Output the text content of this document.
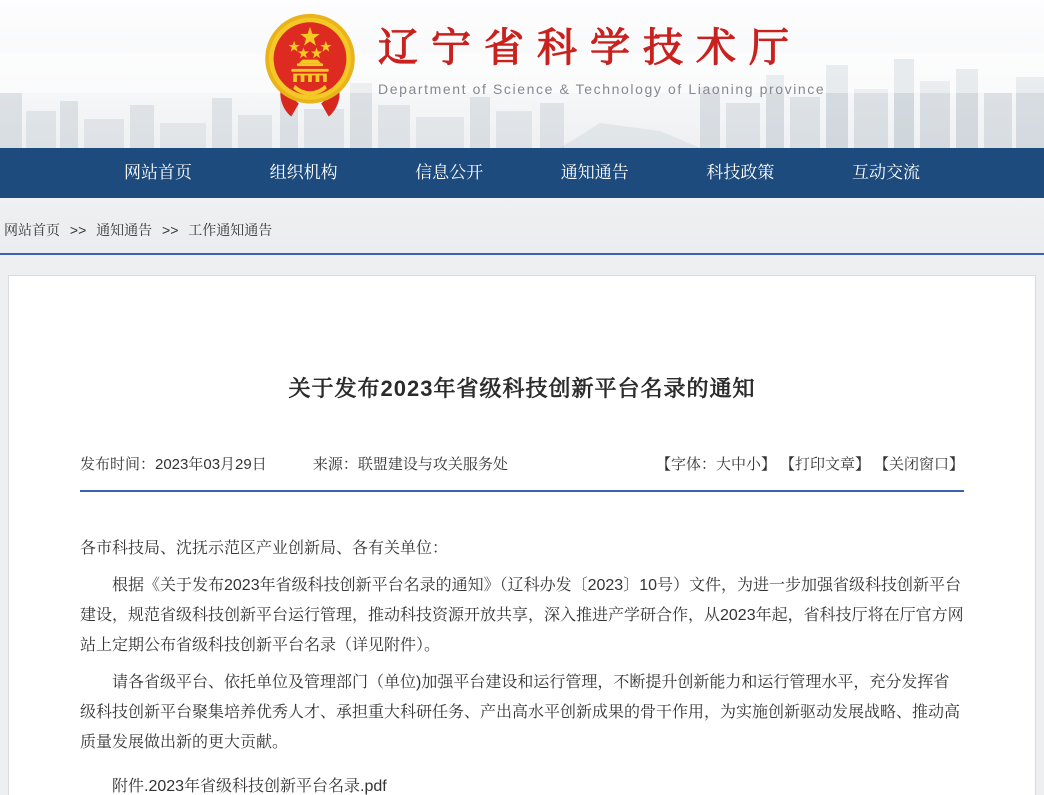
辽宁省科学技术厅
Department of Science & Technology of Liaoning province
网站首页	组织机构	信息公开	通知通告	科技政策	互动交流
网站首页 >> 通知通告 >> 工作通知通告
关于发布2023年省级科技创新平台名录的通知
发布时间：2023年03月29日	来源：联盟建设与攻关服务处	【字体：大中小】 【打印文章】 【关闭窗口】

各市科技局、沈抚示范区产业创新局、各有关单位：

根据《关于发布2023年省级科技创新平台名录的通知》（辽科办发〔2023〕10号）文件，为进一步加强省级科技创新平台建设，规范省级科技创新平台运行管理，推动科技资源开放共享，深入推进产学研合作，从2023年起，省科技厅将在厅官方网站上定期公布省级科技创新平台名录（详见附件）。

请各省级平台、依托单位及管理部门（单位)加强平台建设和运行管理，不断提升创新能力和运行管理水平，充分发挥省级科技创新平台聚集培养优秀人才、承担重大科研任务、产出高水平创新成果的骨干作用，为实施创新驱动发展战略、推动高质量发展做出新的更大贡献。

附件.2023年省级科技创新平台名录.pdf
